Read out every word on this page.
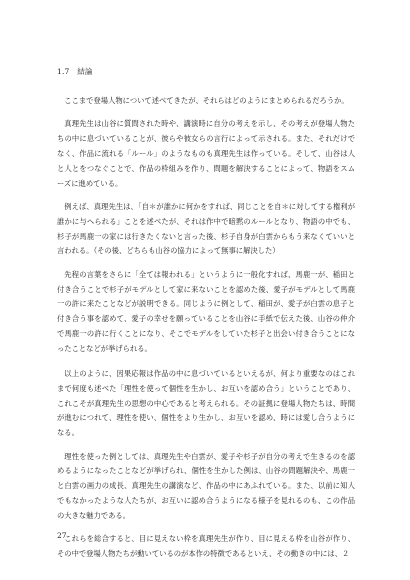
1.7　結論

ここまで登場人物について述べてきたが、それらはどのようにまとめられるだろうか。

真理先生は山谷に質問された時や、講演時に自分の考えを示し、その考えが登場人物たちの中に息づいていることが、彼らや彼女らの言行によって示される。また、それだけでなく、作品に流れる「ルール」のようなものも真理先生は作っている。そして、山谷は人と人とをつなぐことで、作品の枠組みを作り、問題を解決することによって、物語をスムーズに進めている。

例えば、真理先生は、「自＊が誰かに何かをすれば、同じことを自＊に対してする権利が誰かに与へられる」ことを述べたが、それは作中で暗黙のルールとなり、物語の中でも、杉子が馬鹿一の家には行きたくないと言った後、杉子自身が白雲からもう来なくていいと言われる。（その後、どちらも山谷の協力によって無事に解決した）

先程の言葉をさらに「全ては報われる」というように一般化すれば、馬鹿一が、稲田と付き合うことで杉子がモデルとして家に来ないことを認めた後、愛子がモデルとして馬鹿一の許に来たことなどが説明できる。同じように例として、稲田が、愛子が白雲の息子と付き合う事を認めて、愛子の幸せを願っていることを山谷に手紙で伝えた後、山谷の仲介で馬鹿一の許に行くことになり、そこでモデルをしていた杉子と出会い付き合うことになったことなどが挙げられる。

以上のように、因果応報は作品の中に息づいているといえるが、何より重要なのはこれまで何度も述べた「理性を使って個性を生かし、お互いを認め合う」ということであり、これこそが真理先生の思想の中心であると考えられる。その証拠に登場人物たちは、時間が進むにつれて、理性を使い、個性をより生かし、お互いを認め、時には愛し合うようになる。

理性を使った例としては、真理先生や白雲が、愛子や杉子が自分の考えで生きるのを認めるようになったことなどが挙げられ、個性を生かした例は、山谷の問題解決や、馬鹿一と白雲の画力の成長、真理先生の講演など、作品の中にあふれている。また、以前に知人でもなかったような人たちが、お互いに認め合うようになる様子を見れるのも、この作品の大きな魅力である。

これらを総合すると、目に見えない枠を真理先生が作り、目に見える枠を山谷が作り、その中で登場人物たちが動いているのが本作の特徴であるといえ、その動きの中には、２

27
